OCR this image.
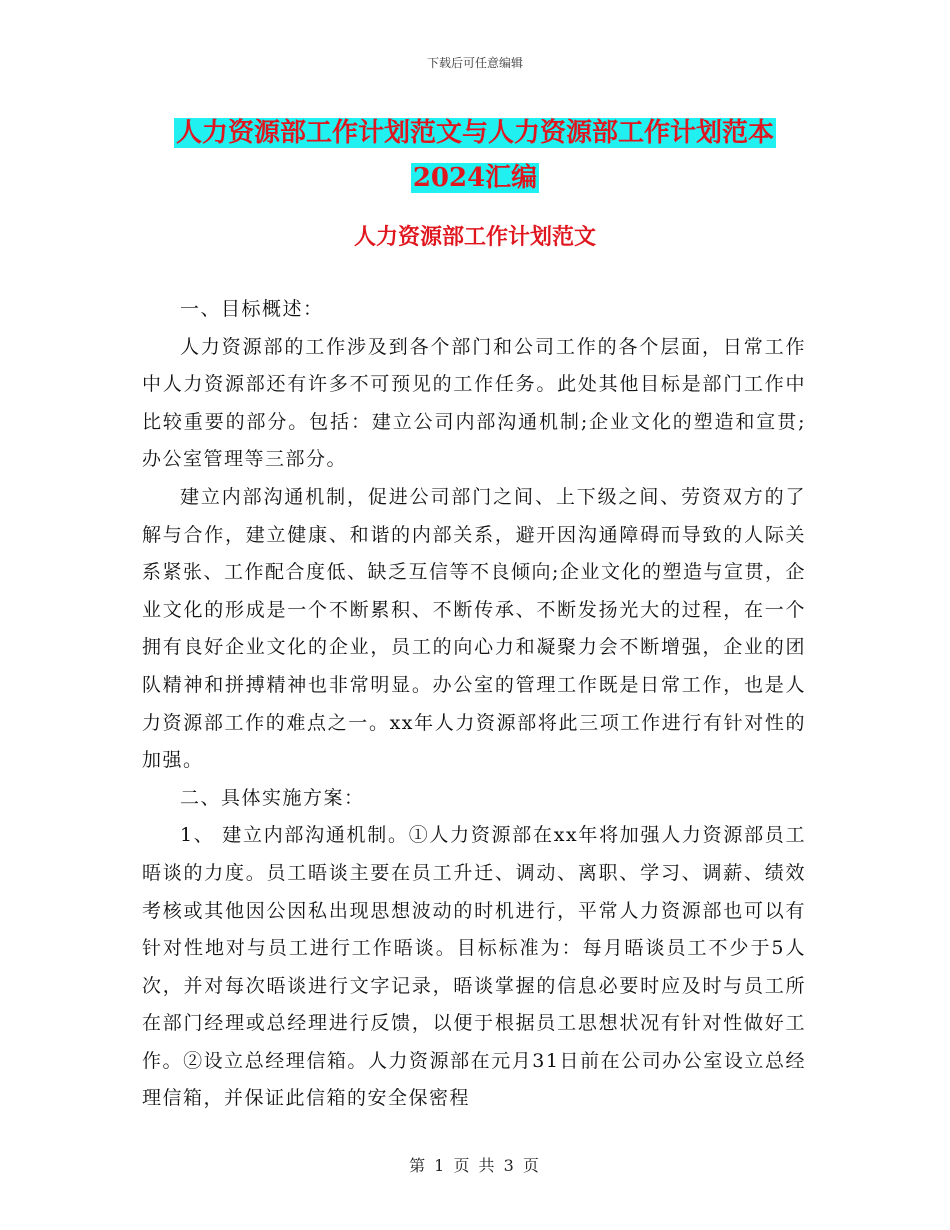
下载后可任意编辑
人力资源部工作计划范文与人力资源部工作计划范本
2024汇编
人力资源部工作计划范文

一、目标概述：

人力资源部的工作涉及到各个部门和公司工作的各个层面，日常工作中人力资源部还有许多不可预见的工作任务。此处其他目标是部门工作中比较重要的部分。包括：建立公司内部沟通机制;企业文化的塑造和宣贯;办公室管理等三部分。

建立内部沟通机制，促进公司部门之间、上下级之间、劳资双方的了解与合作，建立健康、和谐的内部关系，避开因沟通障碍而导致的人际关系紧张、工作配合度低、缺乏互信等不良倾向;企业文化的塑造与宣贯，企业文化的形成是一个不断累积、不断传承、不断发扬光大的过程，在一个拥有良好企业文化的企业，员工的向心力和凝聚力会不断增强，企业的团队精神和拼搏精神也非常明显。办公室的管理工作既是日常工作，也是人力资源部工作的难点之一。xx年人力资源部将此三项工作进行有针对性的加强。

二、具体实施方案：

1、 建立内部沟通机制。①人力资源部在xx年将加强人力资源部员工晤谈的力度。员工晤谈主要在员工升迁、调动、离职、学习、调薪、绩效考核或其他因公因私出现思想波动的时机进行，平常人力资源部也可以有针对性地对与员工进行工作晤谈。目标标准为：每月晤谈员工不少于5人次，并对每次晤谈进行文字记录，晤谈掌握的信息必要时应及时与员工所在部门经理或总经理进行反馈，以便于根据员工思想状况有针对性做好工作。②设立总经理信箱。人力资源部在元月31日前在公司办公室设立总经理信箱，并保证此信箱的安全保密程

第 1 页 共 3 页
